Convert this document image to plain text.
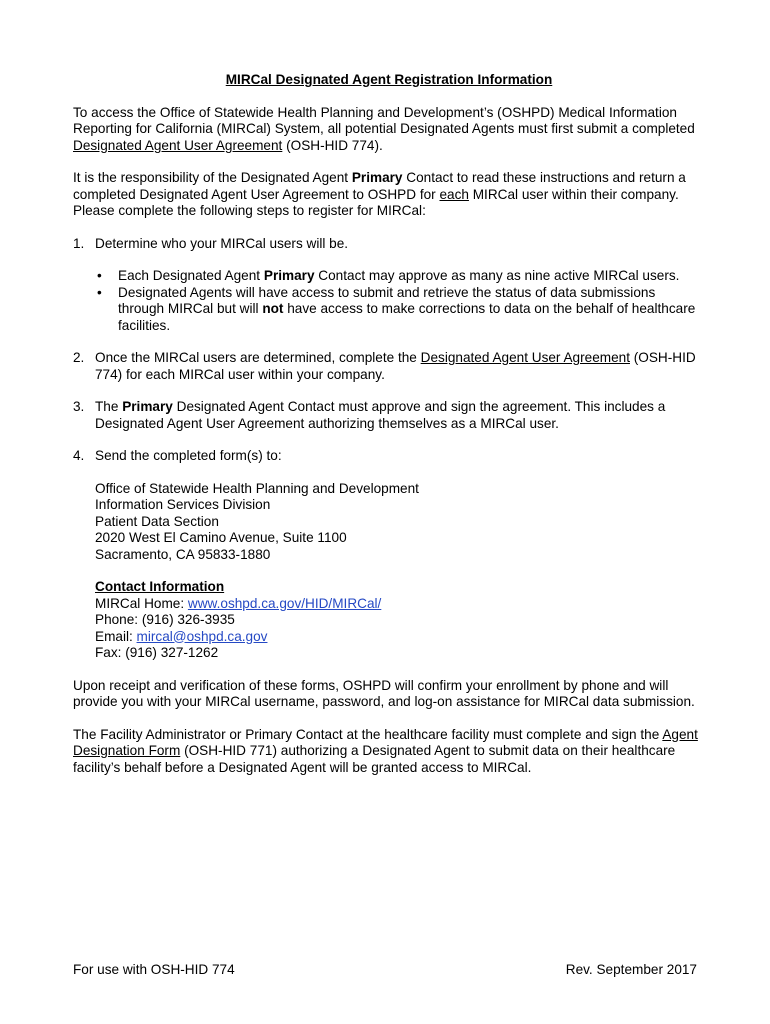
MIRCal Designated Agent Registration Information

To access the Office of Statewide Health Planning and Development’s (OSHPD) Medical Information Reporting for California (MIRCal) System, all potential Designated Agents must first submit a completed Designated Agent User Agreement (OSH-HID 774).

It is the responsibility of the Designated Agent Primary Contact to read these instructions and return a completed Designated Agent User Agreement to OSHPD for each MIRCal user within their company. Please complete the following steps to register for MIRCal:

1. Determine who your MIRCal users will be.
• Each Designated Agent Primary Contact may approve as many as nine active MIRCal users.
• Designated Agents will have access to submit and retrieve the status of data submissions through MIRCal but will not have access to make corrections to data on the behalf of healthcare facilities.
2. Once the MIRCal users are determined, complete the Designated Agent User Agreement (OSH-HID 774) for each MIRCal user within your company.
3. The Primary Designated Agent Contact must approve and sign the agreement. This includes a Designated Agent User Agreement authorizing themselves as a MIRCal user.
4. Send the completed form(s) to:
Office of Statewide Health Planning and Development
Information Services Division
Patient Data Section
2020 West El Camino Avenue, Suite 1100
Sacramento, CA 95833-1880
Contact Information
MIRCal Home: www.oshpd.ca.gov/HID/MIRCal/
Phone: (916) 326-3935
Email: mircal@oshpd.ca.gov
Fax: (916) 327-1262

Upon receipt and verification of these forms, OSHPD will confirm your enrollment by phone and will provide you with your MIRCal username, password, and log-on assistance for MIRCal data submission.

The Facility Administrator or Primary Contact at the healthcare facility must complete and sign the Agent Designation Form (OSH-HID 771) authorizing a Designated Agent to submit data on their healthcare facility’s behalf before a Designated Agent will be granted access to MIRCal.

For use with OSH-HID 774	Rev. September 2017
